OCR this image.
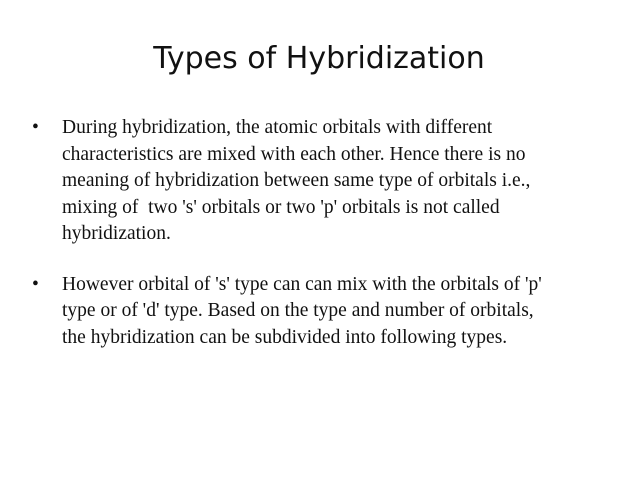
Types of Hybridization
• During hybridization, the atomic orbitals with different
characteristics are mixed with each other. Hence there is no
meaning of hybridization between same type of orbitals i.e.,
mixing of  two 's' orbitals or two 'p' orbitals is not called
hybridization.
• However orbital of 's' type can can mix with the orbitals of 'p'
type or of 'd' type. Based on the type and number of orbitals,
the hybridization can be subdivided into following types.
